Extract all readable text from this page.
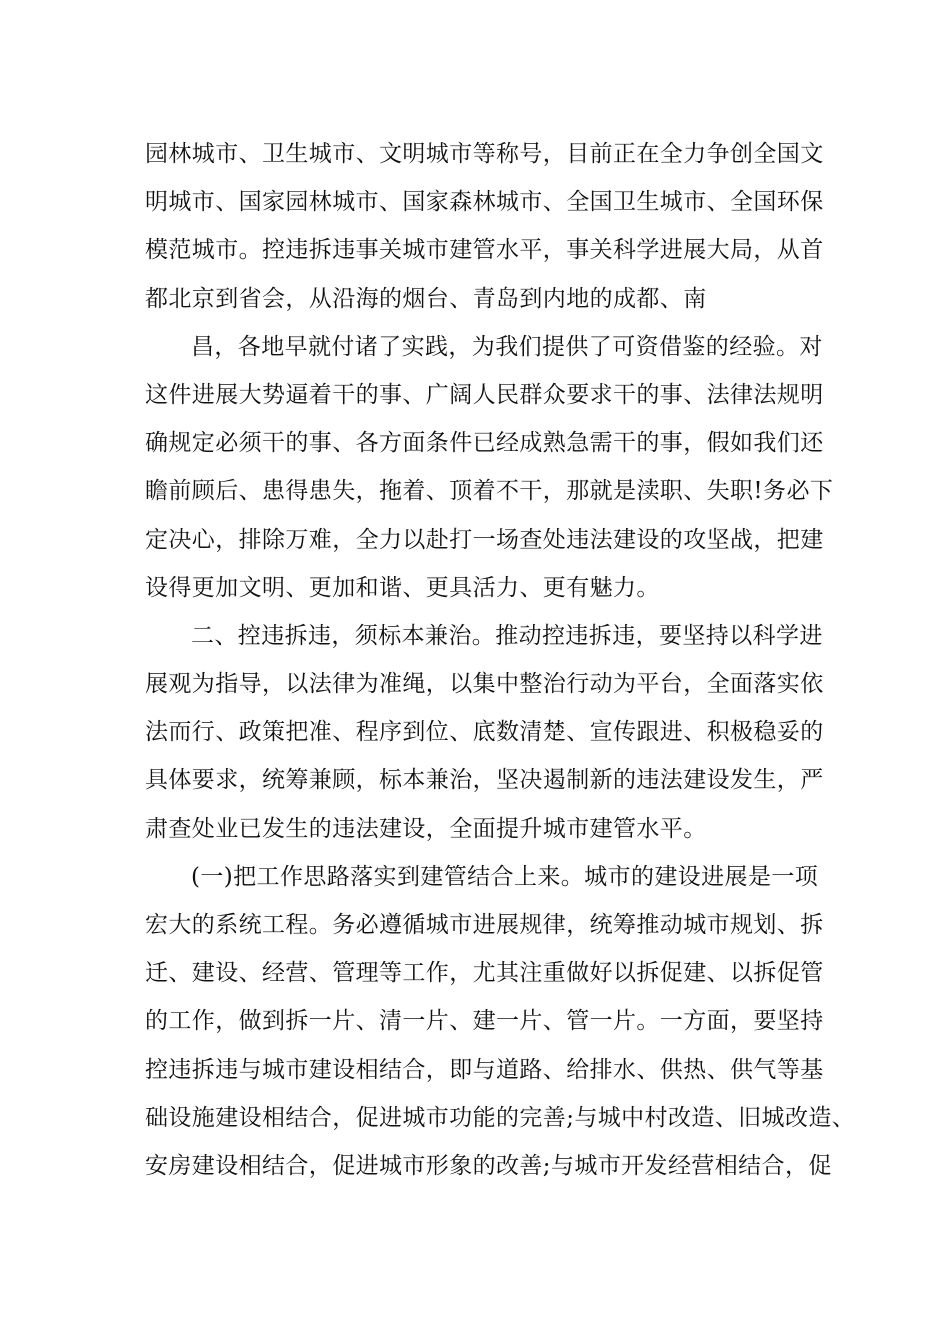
园林城市、卫生城市、文明城市等称号，目前正在全力争创全国文
明城市、国家园林城市、国家森林城市、全国卫生城市、全国环保
模范城市。控违拆违事关城市建管水平，事关科学进展大局，从首
都北京到省会，从沿海的烟台、青岛到内地的成都、南
昌，各地早就付诸了实践，为我们提供了可资借鉴的经验。对
这件进展大势逼着干的事、广阔人民群众要求干的事、法律法规明
确规定必须干的事、各方面条件已经成熟急需干的事，假如我们还
瞻前顾后、患得患失，拖着、顶着不干，那就是渎职、失职!务必下
定决心，排除万难，全力以赴打一场查处违法建设的攻坚战，把建
设得更加文明、更加和谐、更具活力、更有魅力。
二、控违拆违，须标本兼治。推动控违拆违，要坚持以科学进
展观为指导，以法律为准绳，以集中整治行动为平台，全面落实依
法而行、政策把准、程序到位、底数清楚、宣传跟进、积极稳妥的
具体要求，统筹兼顾，标本兼治，坚决遏制新的违法建设发生，严
肃查处业已发生的违法建设，全面提升城市建管水平。
(一)把工作思路落实到建管结合上来。城市的建设进展是一项
宏大的系统工程。务必遵循城市进展规律，统筹推动城市规划、拆
迁、建设、经营、管理等工作，尤其注重做好以拆促建、以拆促管
的工作，做到拆一片、清一片、建一片、管一片。一方面，要坚持
控违拆违与城市建设相结合，即与道路、给排水、供热、供气等基
础设施建设相结合，促进城市功能的完善;与城中村改造、旧城改造、
安房建设相结合，促进城市形象的改善;与城市开发经营相结合，促
